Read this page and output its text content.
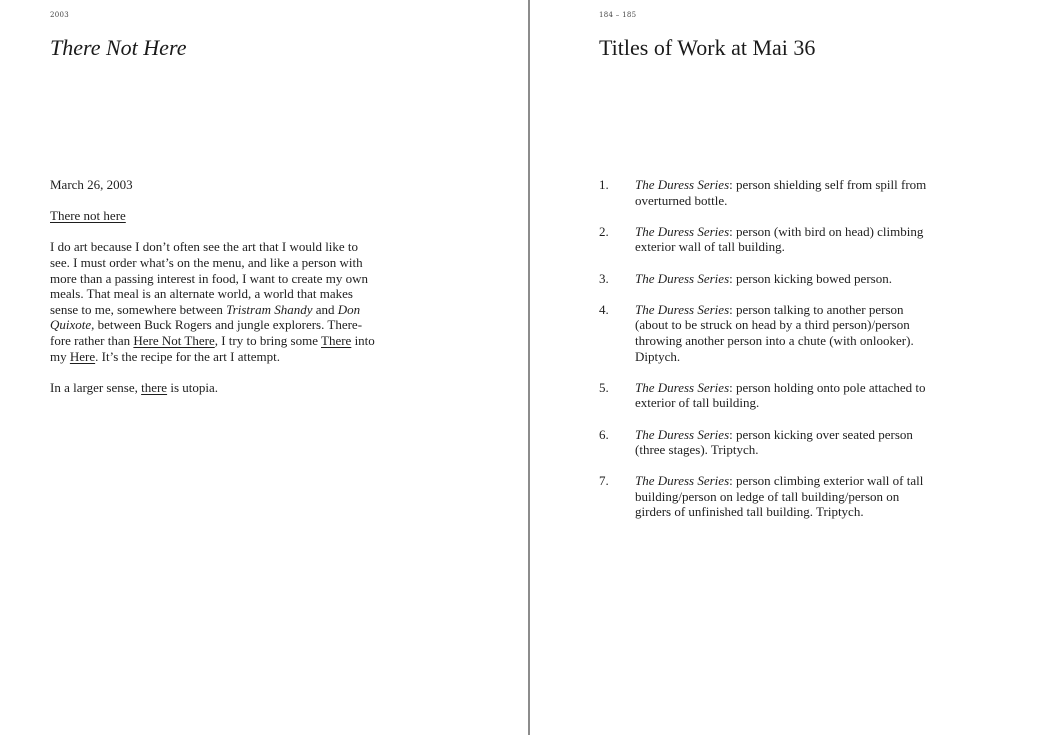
2003
There Not Here

March 26, 2003

There not here

I do art because I don’t often see the art that I would like to see. I must order what’s on the menu, and like a person with more than a passing interest in food, I want to create my own meals. That meal is an alternate world, a world that makes sense to me, somewhere between Tristram Shandy and Don Quixote, between Buck Rogers and jungle explorers. Therefore rather than Here Not There, I try to bring some There into my Here. It’s the recipe for the art I attempt.

In a larger sense, there is utopia.

184 – 185
Titles of Work at Mai 36
1. The Duress Series: person shielding self from spill from overturned bottle.
2. The Duress Series: person (with bird on head) climbing exterior wall of tall building.
3. The Duress Series: person kicking bowed person.
4. The Duress Series: person talking to another person (about to be struck on head by a third person)/person throwing another person into a chute (with onlooker). Diptych.
5. The Duress Series: person holding onto pole attached to exterior of tall building.
6. The Duress Series: person kicking over seated person (three stages). Triptych.
7. The Duress Series: person climbing exterior wall of tall building/person on ledge of tall building/person on girders of unfinished tall building. Triptych.
